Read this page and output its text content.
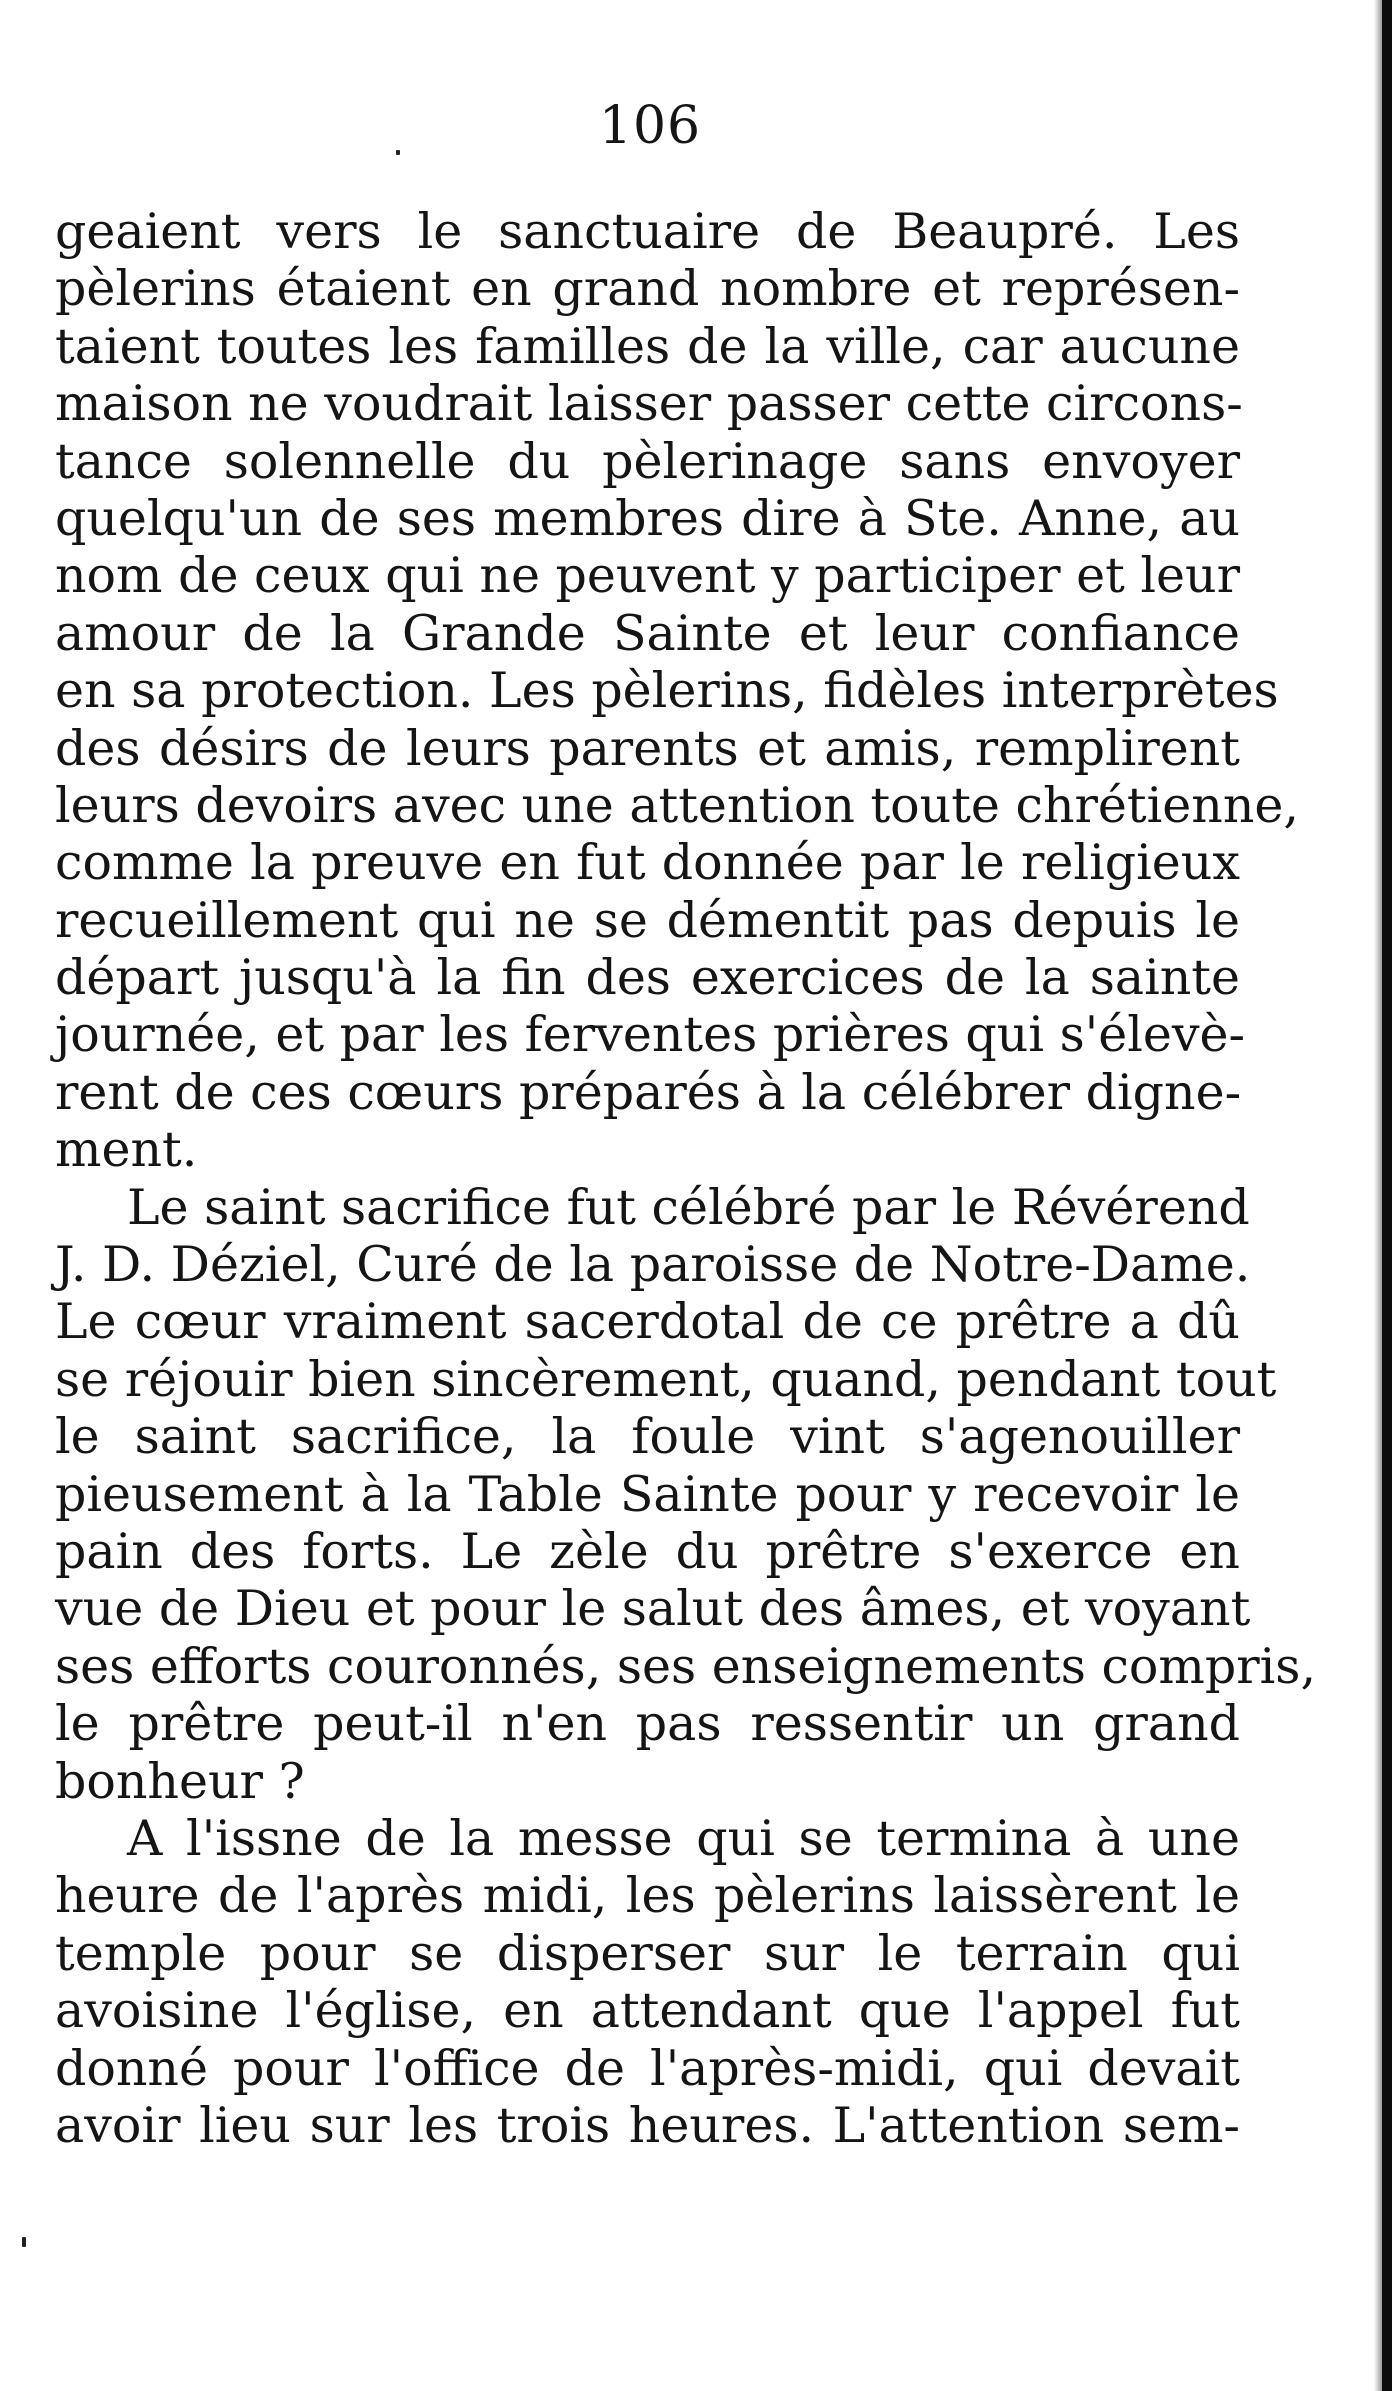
106
geaient vers le sanctuaire de Beaupré. Les
pèlerins étaient en grand nombre et représen-
taient toutes les familles de la ville, car aucune
maison ne voudrait laisser passer cette circons-
tance solennelle du pèlerinage sans envoyer
quelqu'un de ses membres dire à Ste. Anne, au
nom de ceux qui ne peuvent y participer et leur
amour de la Grande Sainte et leur confiance
en sa protection. Les pèlerins, fidèles interprètes
des désirs de leurs parents et amis, remplirent
leurs devoirs avec une attention toute chrétienne,
comme la preuve en fut donnée par le religieux
recueillement qui ne se démentit pas depuis le
départ jusqu'à la fin des exercices de la sainte
journée, et par les ferventes prières qui s'élevè-
rent de ces cœurs préparés à la célébrer digne-
ment.
Le saint sacrifice fut célébré par le Révérend
J. D. Déziel, Curé de la paroisse de Notre-Dame.
Le cœur vraiment sacerdotal de ce prêtre a dû
se réjouir bien sincèrement, quand, pendant tout
le saint sacrifice, la foule vint s'agenouiller
pieusement à la Table Sainte pour y recevoir le
pain des forts. Le zèle du prêtre s'exerce en
vue de Dieu et pour le salut des âmes, et voyant
ses efforts couronnés, ses enseignements compris,
le prêtre peut-il n'en pas ressentir un grand
bonheur ?
A l'issne de la messe qui se termina à une
heure de l'après midi, les pèlerins laissèrent le
temple pour se disperser sur le terrain qui
avoisine l'église, en attendant que l'appel fut
donné pour l'office de l'après-midi, qui devait
avoir lieu sur les trois heures. L'attention sem-
